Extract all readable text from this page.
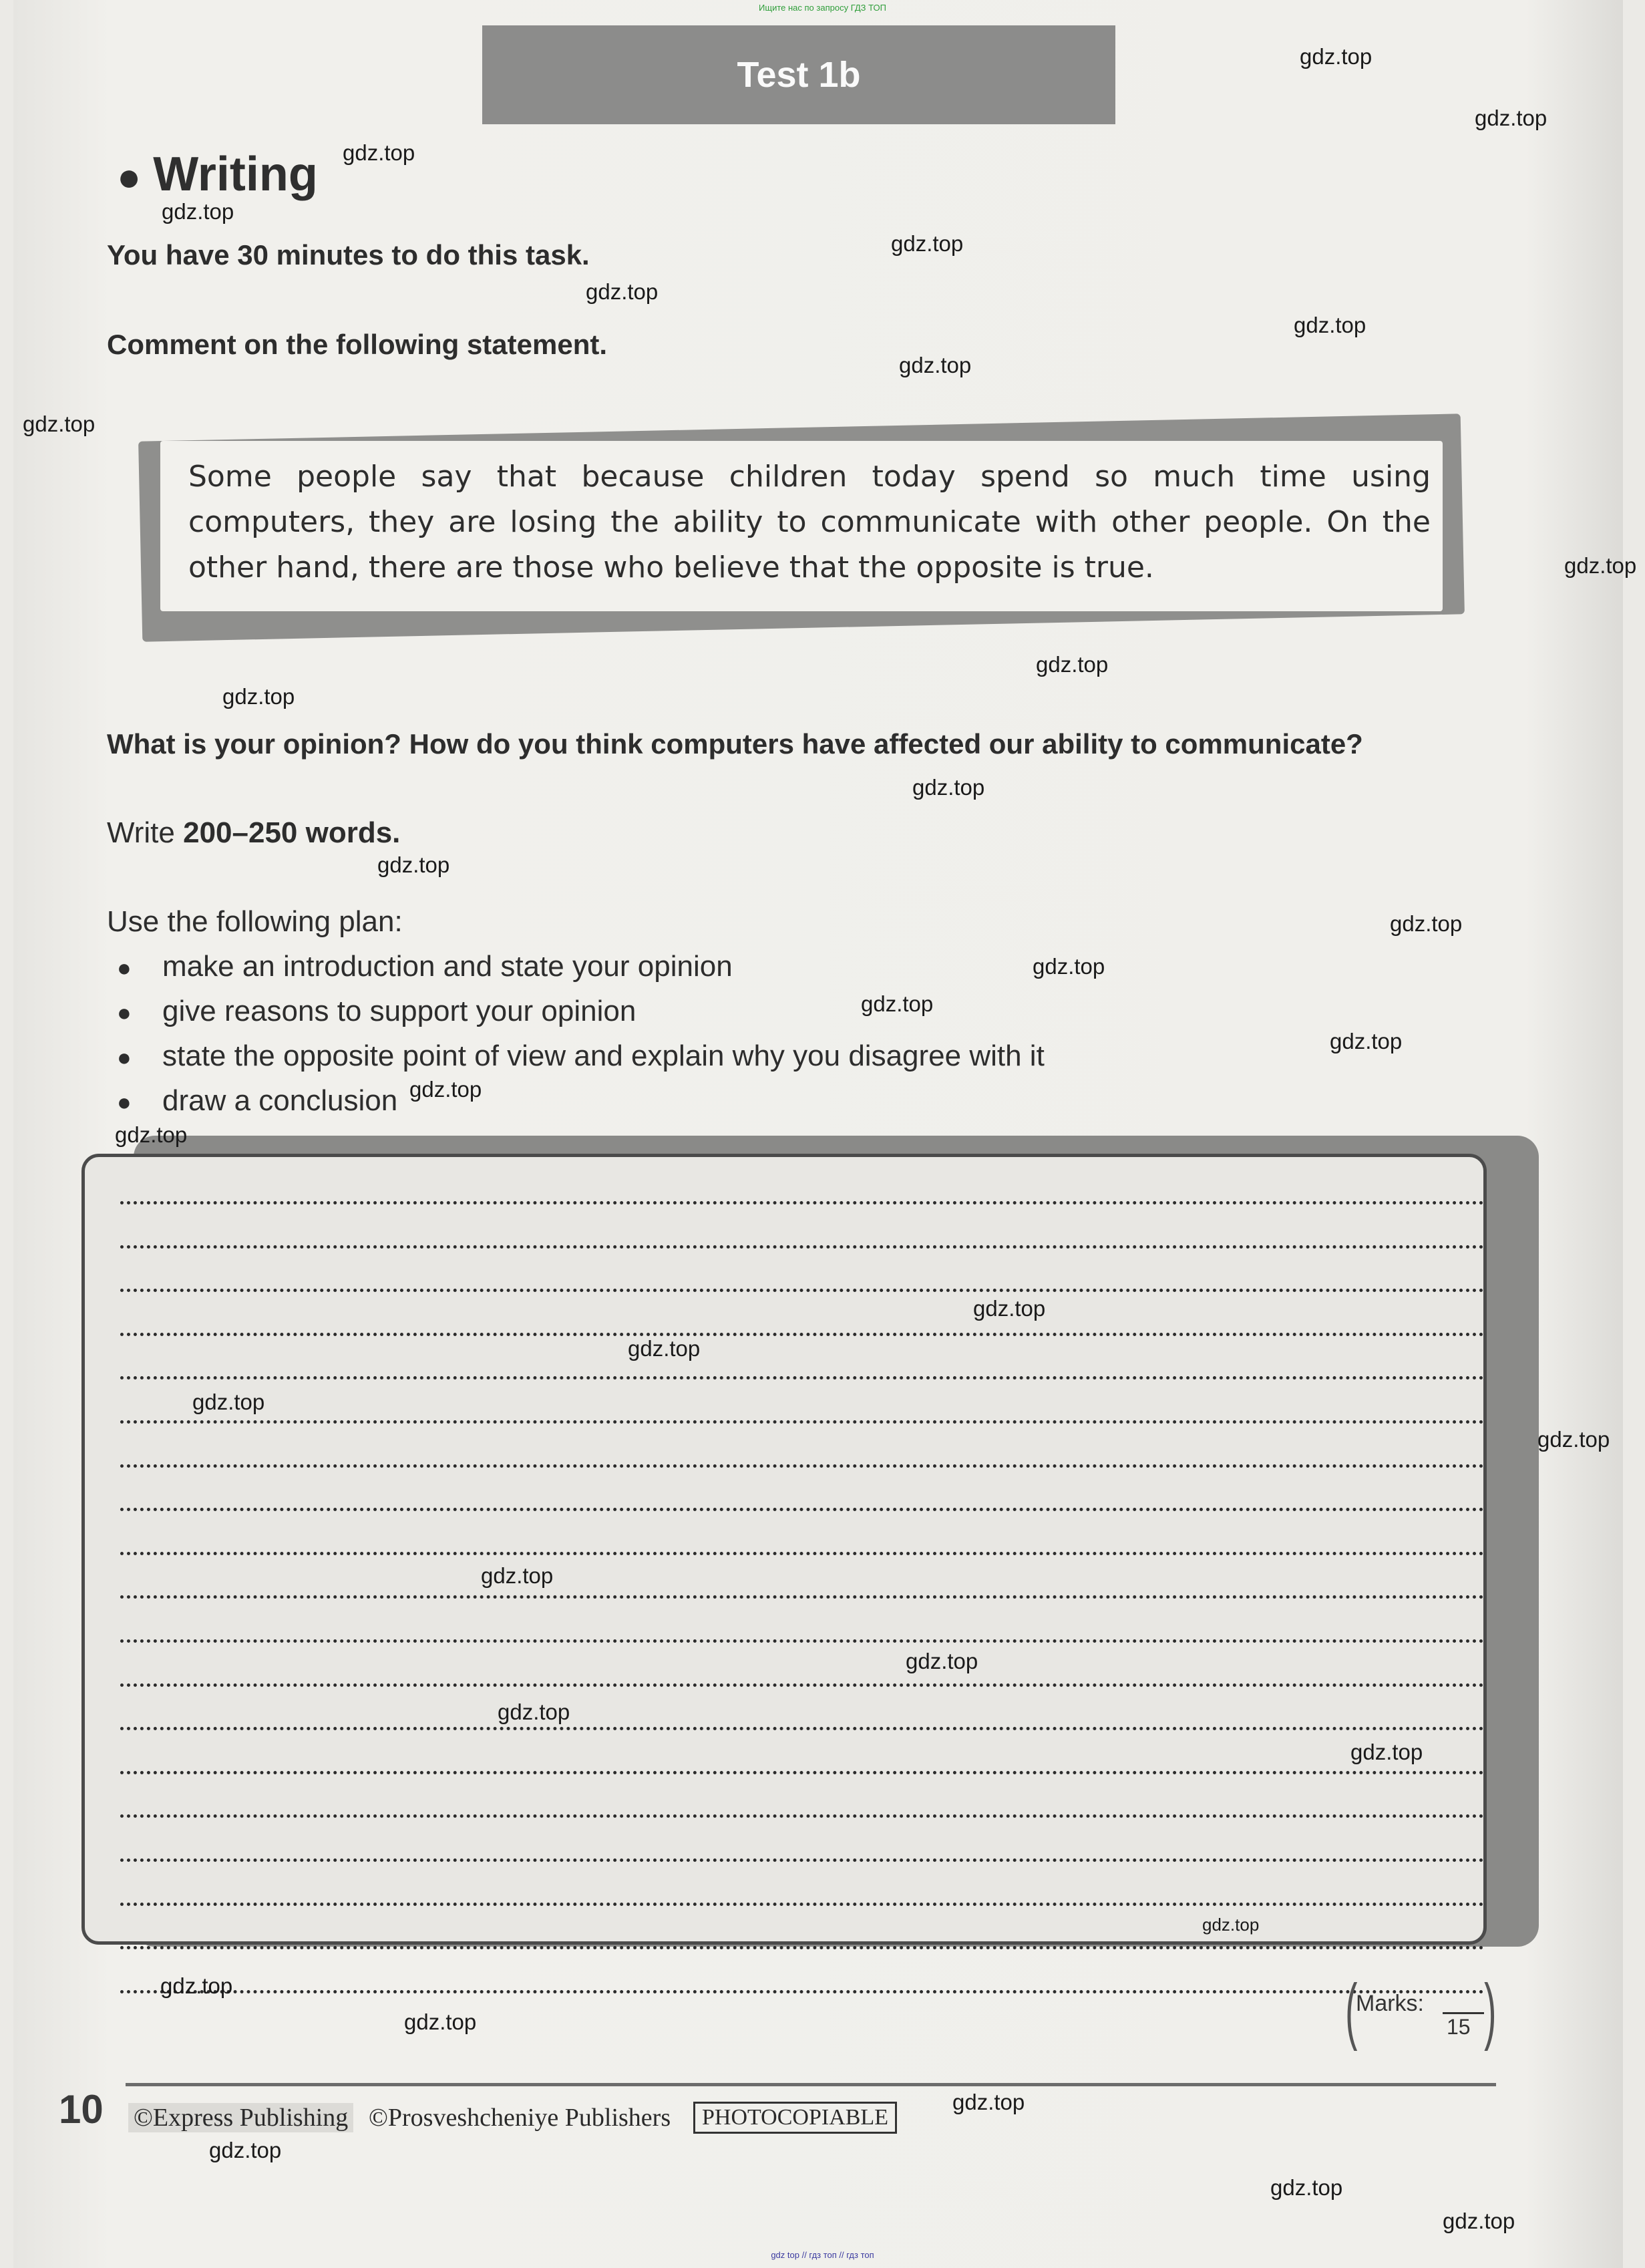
Ищите нас по запросу ГДЗ ТОП
Test 1b
● Writing
You have 30 minutes to do this task.
Comment on the following statement.
Some people say that because children today spend so much time using computers, they are losing the ability to communicate with other people. On the other hand, there are those who believe that the opposite is true.
What is your opinion? How do you think computers have affected our ability to communicate?
Write 200–250 words.
Use the following plan:
● make an introduction and state your opinion
● give reasons to support your opinion
● state the opposite point of view and explain why you disagree with it
● draw a conclusion
(
Marks:
15 )
10 ©Express Publishing ©Prosveshcheniye Publishers	PHOTOCOPIABLE
gdz top // гдз топ // гдз топ
gdz.top
gdz.top
gdz.top
gdz.top
gdz.top
gdz.top
gdz.top
gdz.top
gdz.top
gdz.top
gdz.top
gdz.top
gdz.top
gdz.top
gdz.top
gdz.top
gdz.top
gdz.top
gdz.top
gdz.top
gdz.top
gdz.top
gdz.top
gdz.top
gdz.top
gdz.top
gdz.top
gdz.top
gdz.top
gdz.top
gdz.top
gdz.top
gdz.top
gdz.top
gdz.top
